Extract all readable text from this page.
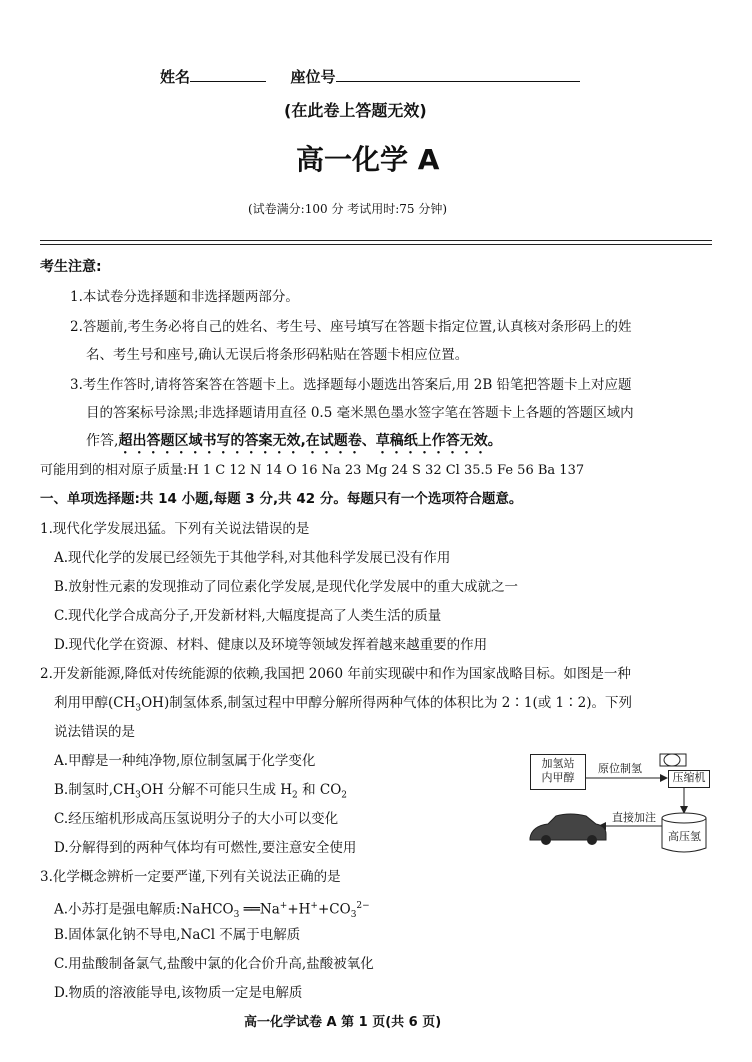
姓名	座位号
(在此卷上答题无效)
高一化学 A
(试卷满分:100 分 考试用时:75 分钟)
考生注意:
1.本试卷分选择题和非选择题两部分。
2.答题前,考生务必将自己的姓名、考生号、座号填写在答题卡指定位置,认真核对条形码上的姓
名、考生号和座号,确认无误后将条形码粘贴在答题卡相应位置。
3.考生作答时,请将答案答在答题卡上。选择题每小题选出答案后,用 2B 铅笔把答题卡上对应题
目的答案标号涂黑;非选择题请用直径 0.5 毫米黑色墨水签字笔在答题卡上各题的答题区域内
作答,超出答题区域书写的答案无效,在试题卷、草稿纸上作答无效。
可能用到的相对原子质量:H 1 C 12 N 14 O 16 Na 23 Mg 24 S 32 Cl 35.5 Fe 56 Ba 137
一、单项选择题:共 14 小题,每题 3 分,共 42 分。每题只有一个选项符合题意。
1.现代化学发展迅猛。下列有关说法错误的是
A.现代化学的发展已经领先于其他学科,对其他科学发展已没有作用
B.放射性元素的发现推动了同位素化学发展,是现代化学发展中的重大成就之一
C.现代化学合成高分子,开发新材料,大幅度提高了人类生活的质量
D.现代化学在资源、材料、健康以及环境等领域发挥着越来越重要的作用
2.开发新能源,降低对传统能源的依赖,我国把 2060 年前实现碳中和作为国家战略目标。如图是一种
利用甲醇$(CH_3OH)$制氢体系,制氢过程中甲醇分解所得两种气体的体积比为 2∶1(或 1∶2)。下列
说法错误的是
A.甲醇是一种纯净物,原位制氢属于化学变化
B.制氢时$,CH_3OH$ 分解不可能只生成 $H_2$ 和 $CO_2$
C.经压缩机形成高压氢说明分子的大小可以变化
D.分解得到的两种气体均有可燃性,要注意安全使用
加氢站
内甲醇
原位制氢
压缩机
直接加注
高压氢
3.化学概念辨析一定要严谨,下列有关说法正确的是
A.小苏打是强电解质:NaHCO$_3$ $══Na^++H^++CO_3^{2-}$
B.固体氯化钠不导电,NaCl 不属于电解质
C.用盐酸制备氯气,盐酸中氯的化合价升高,盐酸被氧化
D.物质的溶液能导电,该物质一定是电解质
高一化学试卷 A 第 1 页(共 6 页)
